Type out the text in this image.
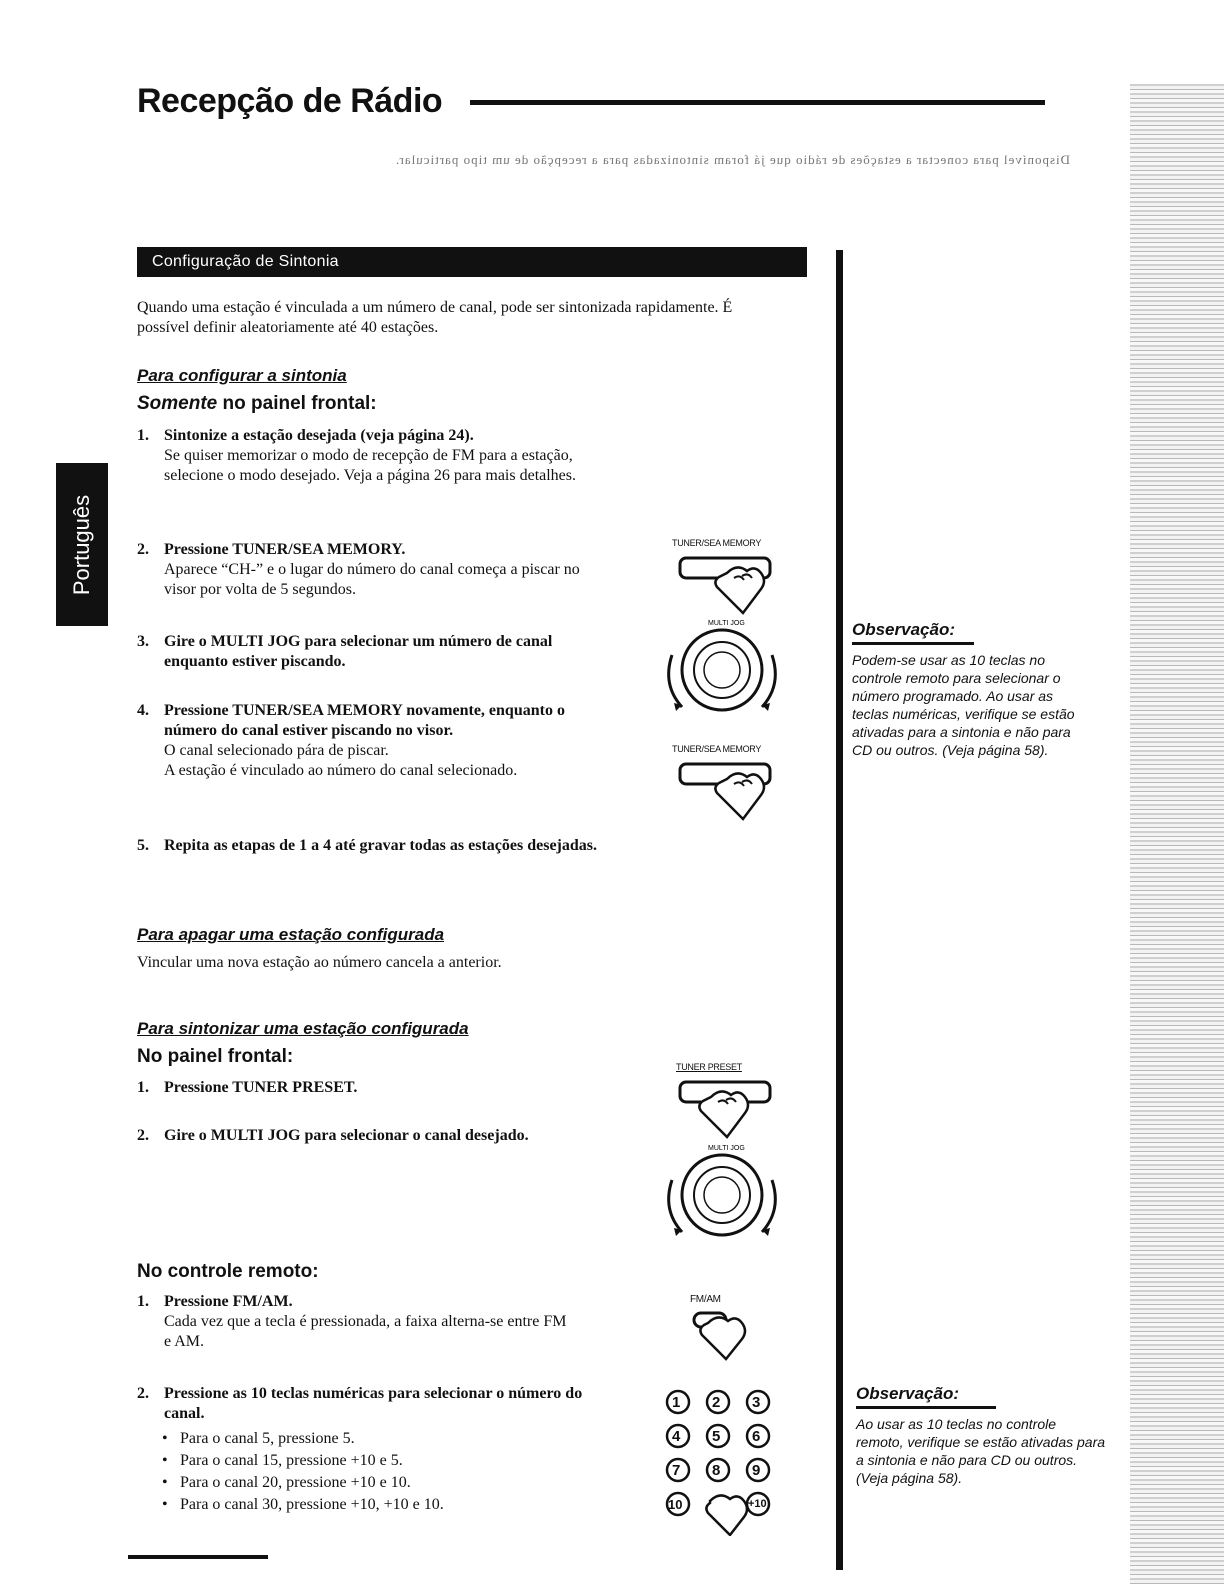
Recepção de Rádio
Disponível para conectar a estações de rádio que já foram sintonizadas para a recepção de um tipo particular.
Português
Configuração de Sintonia

Quando uma estação é vinculada a um número de canal, pode ser sintonizada rapidamente. É possível definir aleatoriamente até 40 estações.

Para configurar a sintonia
Somente no painel frontal:
1. Sintonize a estação desejada (veja página 24).
Se quiser memorizar o modo de recepção de FM para a estação, selecione o modo desejado. Veja a página 26 para mais detalhes.
2. Pressione TUNER/SEA MEMORY.
Aparece “CH-” e o lugar do número do canal começa a piscar no visor por volta de 5 segundos.
3. Gire o MULTI JOG para selecionar um número de canal enquanto estiver piscando.
4. Pressione TUNER/SEA MEMORY novamente, enquanto o número do canal estiver piscando no visor.
O canal selecionado pára de piscar.
A estação é vinculado ao número do canal selecionado.
5. Repita as etapas de 1 a 4 até gravar todas as estações desejadas.
Para apagar uma estação configurada

Vincular uma nova estação ao número cancela a anterior.

Para sintonizar uma estação configurada
No painel frontal:
1. Pressione TUNER PRESET.
2. Gire o MULTI JOG para selecionar o canal desejado.
No controle remoto:
1. Pressione FM/AM.
Cada vez que a tecla é pressionada, a faixa alterna-se entre FM e AM.
2. Pressione as 10 teclas numéricas para selecionar o número do canal.
• Para o canal 5, pressione 5.
• Para o canal 15, pressione +10 e 5.
• Para o canal 20, pressione +10 e 10.
• Para o canal 30, pressione +10, +10 e 10.
TUNER/SEA MEMORY
MULTI JOG
TUNER/SEA MEMORY
TUNER PRESET
MULTI JOG
FM/AM
1 2 3
4 5 6
7 8 9
10	+10
Observação:
Podem-se usar as 10 teclas no controle remoto para selecionar o número programado. Ao usar as teclas numéricas, verifique se estão ativadas para a sintonia e não para CD ou outros. (Veja página 58).
Observação:
Ao usar as 10 teclas no controle remoto, verifique se estão ativadas para a sintonia e não para CD ou outros. (Veja página 58).
